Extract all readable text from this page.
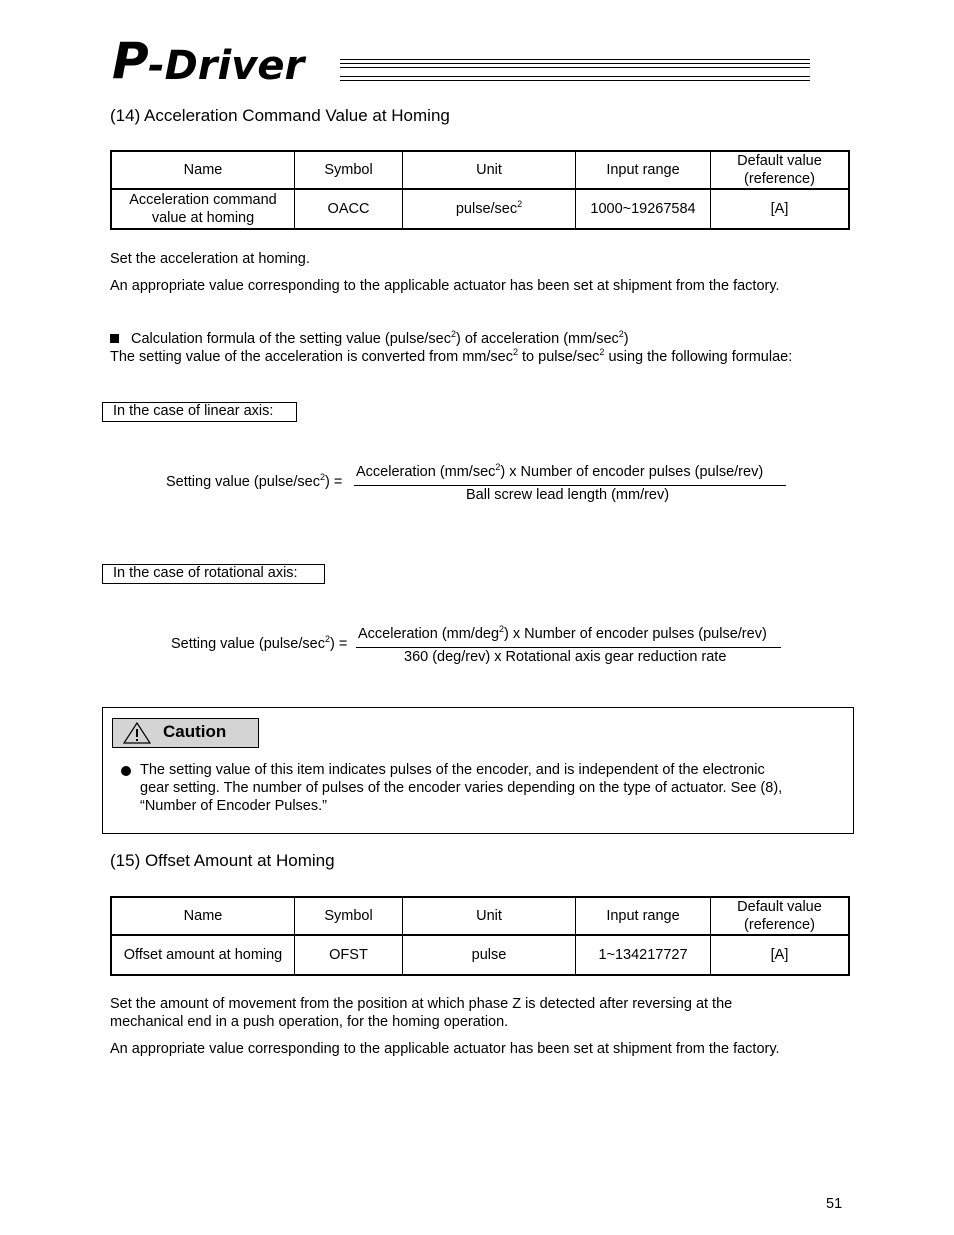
P -Driver
(14) Acceleration Command Value at Homing
Name	Symbol	Unit	Input range	Default value
(reference)
Acceleration command
value at homing	OACC	pulse/$\sec^2$	1000~19267584	[A]

Set the acceleration at homing.

An appropriate value corresponding to the applicable actuator has been set at shipment from the factory.

Calculation formula of the setting value $(pulse/\sec^2)$ of acceleration $(mm/\sec^2)$

The setting value of the acceleration is converted from $mm/\sec^2$ to pulse/$\sec^2$ using the following formulae:

In the case of linear axis:
Setting value $(pulse/\sec^2)$ =
Acceleration $(mm/\sec^2)$ x Number of encoder pulses (pulse/rev)
Ball screw lead length (mm/rev)
In the case of rotational axis:
Setting value $(pulse/\sec^2)$ =
Acceleration (mm/deg$^2$) x Number of encoder pulses (pulse/rev)
360 (deg/rev) x Rotational axis gear reduction rate
Caution

The setting value of this item indicates pulses of the encoder, and is independent of the electronic

gear setting. The number of pulses of the encoder varies depending on the type of actuator. See (8),

“Number of Encoder Pulses.”

(15) Offset Amount at Homing
Name	Symbol	Unit	Input range	Default value
(reference)
Offset amount at homing	OFST	pulse	1~134217727	[A]

Set the amount of movement from the position at which phase Z is detected after reversing at the

mechanical end in a push operation, for the homing operation.

An appropriate value corresponding to the applicable actuator has been set at shipment from the factory.

51
